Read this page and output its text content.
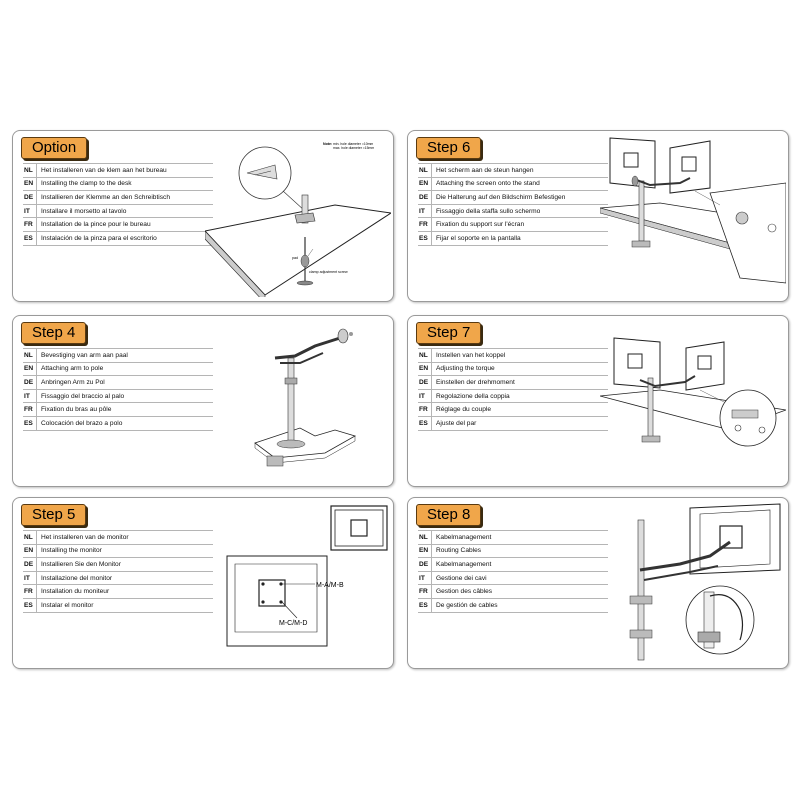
Option
NL	Het installeren van de klem aan het bureau
EN	Installing the clamp to the desk
DE	Installieren der Klemme an den Schreibtisch
IT	Installare il morsetto al tavolo
FR	Installation de la pince pour le bureau
ES	Instalación de la pinza para el escritorio
Note: min. hole diameter =10mm
max. hole diameter =15mm
pad
clamp adjustment screw
Step 6
NL	Het scherm aan de steun hangen
EN	Attaching the screen onto the stand
DE	Die Halterung auf den Bildschirm Befestigen
IT	Fissaggio della staffa sullo schermo
FR	Fixation du support sur l'écran
ES	Fijar el soporte en la pantalla
Step 4
NL	Bevestiging van arm aan paal
EN	Attaching arm to pole
DE	Anbringen Arm zu Pol
IT	Fissaggio del braccio al palo
FR	Fixation du bras au pôle
ES	Colocación del brazo a polo
Step 7
NL	Instellen van het koppel
EN	Adjusting the torque
DE	Einstellen der drehmoment
IT	Regolazione della coppia
FR	Réglage du couple
ES	Ajuste del par
Step 5
NL	Het installeren van de monitor
EN	Installing the monitor
DE	Installieren Sie den Monitor
IT	Installazione del monitor
FR	Installation du moniteur
ES	Instalar el monitor
M-A/M-B
M-C/M-D
Step 8
NL	Kabelmanagement
EN	Routing Cables
DE	Kabelmanagement
IT	Gestione dei cavi
FR	Gestion des câbles
ES	De gestión de cables
